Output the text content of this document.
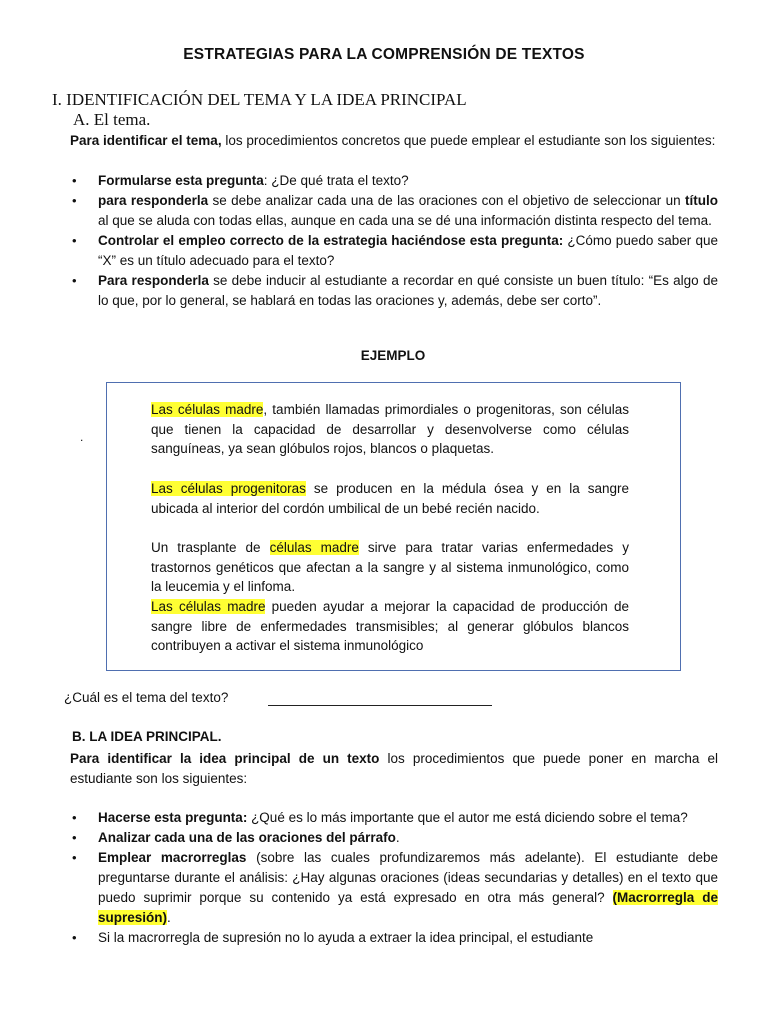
ESTRATEGIAS PARA LA COMPRENSIÓN DE TEXTOS
I. IDENTIFICACIÓN DEL TEMA Y LA IDEA PRINCIPAL
A. El tema.
Para identificar el tema, los procedimientos concretos que puede emplear el estudiante son los siguientes:
• Formularse esta pregunta: ¿De qué trata el texto?
• para responderla se debe analizar cada una de las oraciones con el objetivo de seleccionar un título al que se aluda con todas ellas, aunque en cada una se dé una información distinta respecto del tema.
• Controlar el empleo correcto de la estrategia haciéndose esta pregunta: ¿Cómo puedo saber que “X” es un título adecuado para el texto?
• Para responderla se debe inducir al estudiante a recordar en qué consiste un buen título: “Es algo de lo que, por lo general, se hablará en todas las oraciones y, además, debe ser corto”.
EJEMPLO
.
Las células madre, también llamadas primordiales o progenitoras, son células que tienen la capacidad de desarrollar y desenvolverse como células sanguíneas, ya sean glóbulos rojos, blancos o plaquetas.
Las células progenitoras se producen en la médula ósea y en la sangre ubicada al interior del cordón umbilical de un bebé recién nacido.
Un trasplante de células madre sirve para tratar varias enfermedades y trastornos genéticos que afectan a la sangre y al sistema inmunológico, como la leucemia y el linfoma.
Las células madre pueden ayudar a mejorar la capacidad de producción de sangre libre de enfermedades transmisibles; al generar glóbulos blancos contribuyen a activar el sistema inmunológico
¿Cuál es el tema del texto?
B. LA IDEA PRINCIPAL.
Para identificar la idea principal de un texto los procedimientos que puede poner en marcha el estudiante son los siguientes:
• Hacerse esta pregunta: ¿Qué es lo más importante que el autor me está diciendo sobre el tema?
• Analizar cada una de las oraciones del párrafo.
• Emplear macrorreglas (sobre las cuales profundizaremos más adelante). El estudiante debe preguntarse durante el análisis: ¿Hay algunas oraciones (ideas secundarias y detalles) en el texto que puedo suprimir porque su contenido ya está expresado en otra más general? (Macrorregla de supresión).
• Si la macrorregla de supresión no lo ayuda a extraer la idea principal, el estudiante
